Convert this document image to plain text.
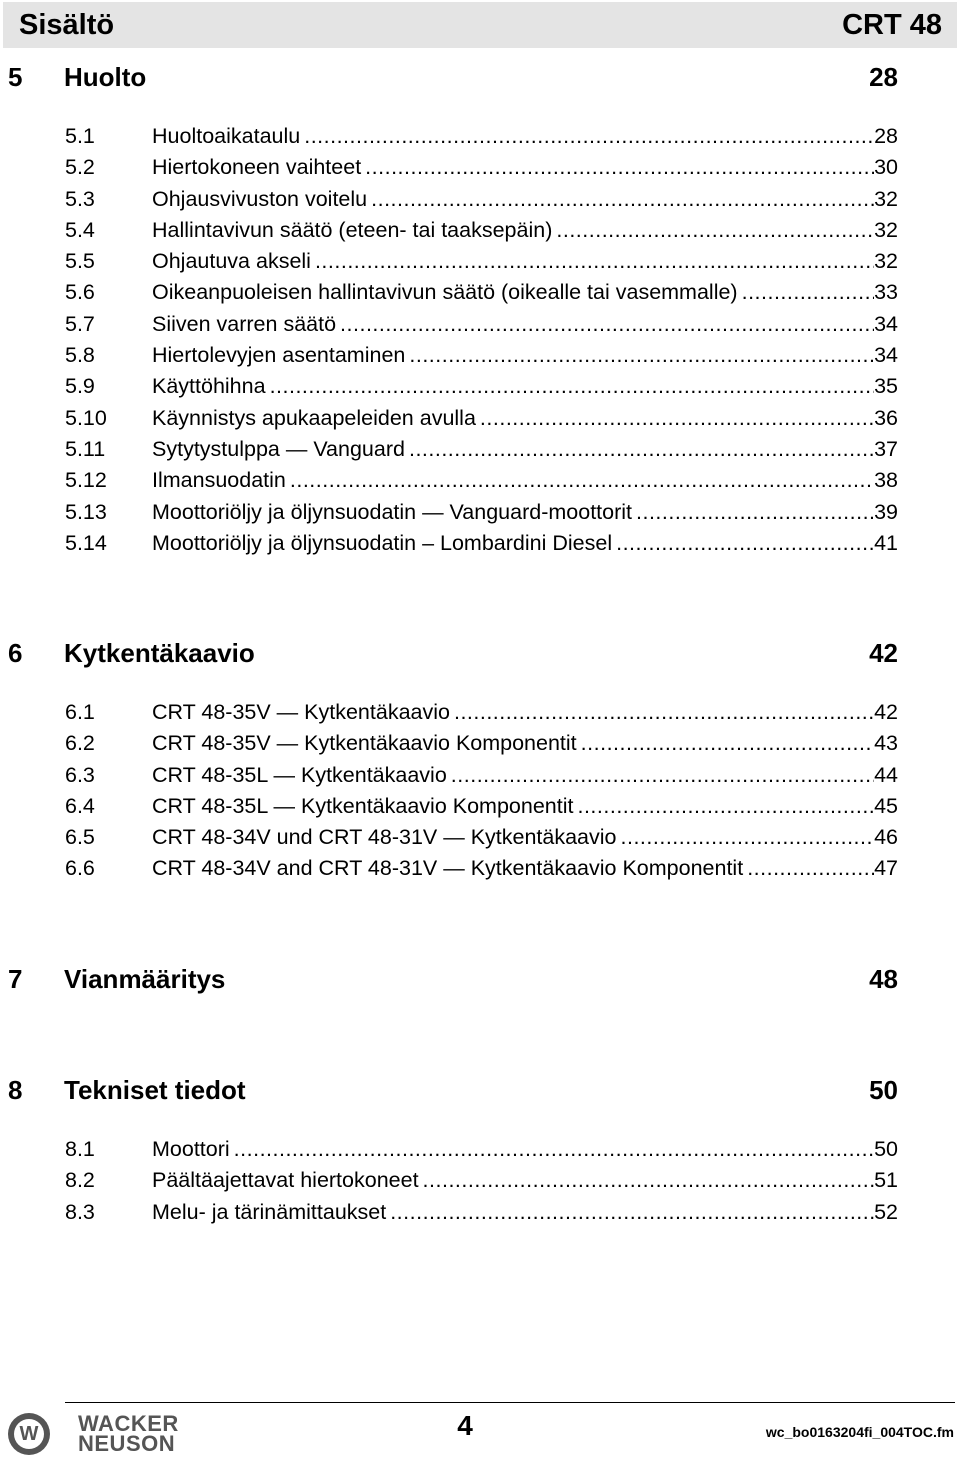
Sisältö	CRT 48
5	Huolto	28
5.1	Huoltoaikataulu .....	28
5.2	Hiertokoneen vaihteet .....	30
5.3	Ohjausvivuston voitelu .....	32
5.4	Hallintavivun säätö (eteen- tai taaksepäin) .....	32
5.5	Ohjautuva akseli .....	32
5.6	Oikeanpuoleisen hallintavivun säätö (oikealle tai vasemmalle) .....	33
5.7	Siiven varren säätö .....	34
5.8	Hiertolevyjen asentaminen .....	34
5.9	Käyttöhihna .....	35
5.10	Käynnistys apukaapeleiden avulla .....	36
5.11	Sytytystulppa — Vanguard .....	37
5.12	Ilmansuodatin .....	38
5.13	Moottoriöljy ja öljynsuodatin — Vanguard-moottorit .....	39
5.14	Moottoriöljy ja öljynsuodatin – Lombardini Diesel .....	41
6	Kytkentäkaavio	42
6.1	CRT 48-35V — Kytkentäkaavio .....	42
6.2	CRT 48-35V — Kytkentäkaavio Komponentit .....	43
6.3	CRT 48-35L — Kytkentäkaavio .....	44
6.4	CRT 48-35L — Kytkentäkaavio Komponentit .....	45
6.5	CRT 48-34V und CRT 48-31V — Kytkentäkaavio .....	46
6.6	CRT 48-34V and CRT 48-31V — Kytkentäkaavio Komponentit .....	47
7	Vianmääritys	48
8	Tekniset tiedot	50
8.1	Moottori .....	50
8.2	Päältäajettavat hiertokoneet .....	51
8.3	Melu- ja tärinämittaukset .....	52
W
WACKER
NEUSON
4	wc_bo0163204fi_004TOC.fm
